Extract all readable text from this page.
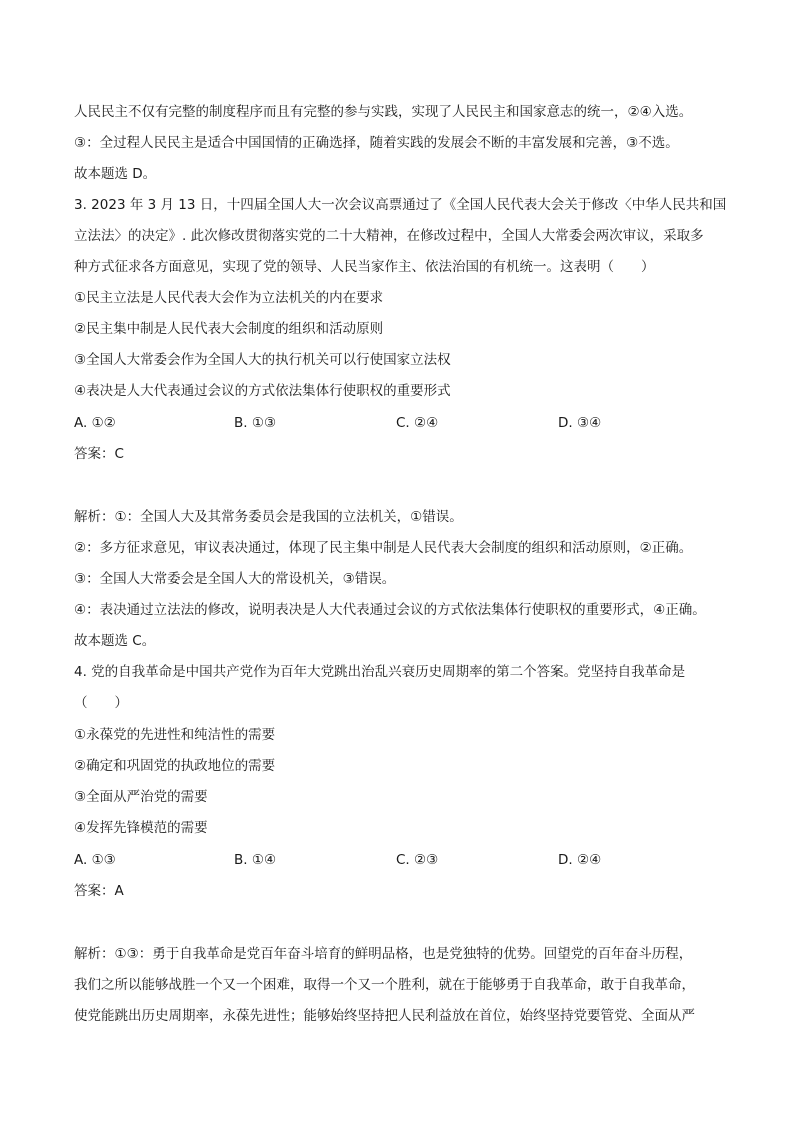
人民民主不仅有完整的制度程序而且有完整的参与实践，实现了人民民主和国家意志的统一，②④入选。
③：全过程人民民主是适合中国国情的正确选择，随着实践的发展会不断的丰富发展和完善，③不选。
故本题选 D。
3. 2023 年 3 月 13 日，十四届全国人大一次会议高票通过了《全国人民代表大会关于修改〈中华人民共和国
立法法〉的决定》. 此次修改贯彻落实党的二十大精神，在修改过程中，全国人大常委会两次审议，采取多
种方式征求各方面意见，实现了党的领导、人民当家作主、依法治国的有机统一。这表明（　　）
①民主立法是人民代表大会作为立法机关的内在要求
②民主集中制是人民代表大会制度的组织和活动原则
③全国人大常委会作为全国人大的执行机关可以行使国家立法权
④表决是人大代表通过会议的方式依法集体行使职权的重要形式
A. ①②	B. ①③	C. ②④	D. ③④
答案：C
解析：①：全国人大及其常务委员会是我国的立法机关，①错误。
②：多方征求意见，审议表决通过，体现了民主集中制是人民代表大会制度的组织和活动原则，②正确。
③：全国人大常委会是全国人大的常设机关，③错误。
④：表决通过立法法的修改，说明表决是人大代表通过会议的方式依法集体行使职权的重要形式，④正确。
故本题选 C。
4. 党的自我革命是中国共产党作为百年大党跳出治乱兴衰历史周期率的第二个答案。党坚持自我革命是
（　　）
①永葆党的先进性和纯洁性的需要
②确定和巩固党的执政地位的需要
③全面从严治党的需要
④发挥先锋模范的需要
A. ①③	B. ①④	C. ②③	D. ②④
答案：A
解析：①③：勇于自我革命是党百年奋斗培育的鲜明品格，也是党独特的优势。回望党的百年奋斗历程，
我们之所以能够战胜一个又一个困难，取得一个又一个胜利，就在于能够勇于自我革命，敢于自我革命，
使党能跳出历史周期率，永葆先进性；能够始终坚持把人民利益放在首位，始终坚持党要管党、全面从严
